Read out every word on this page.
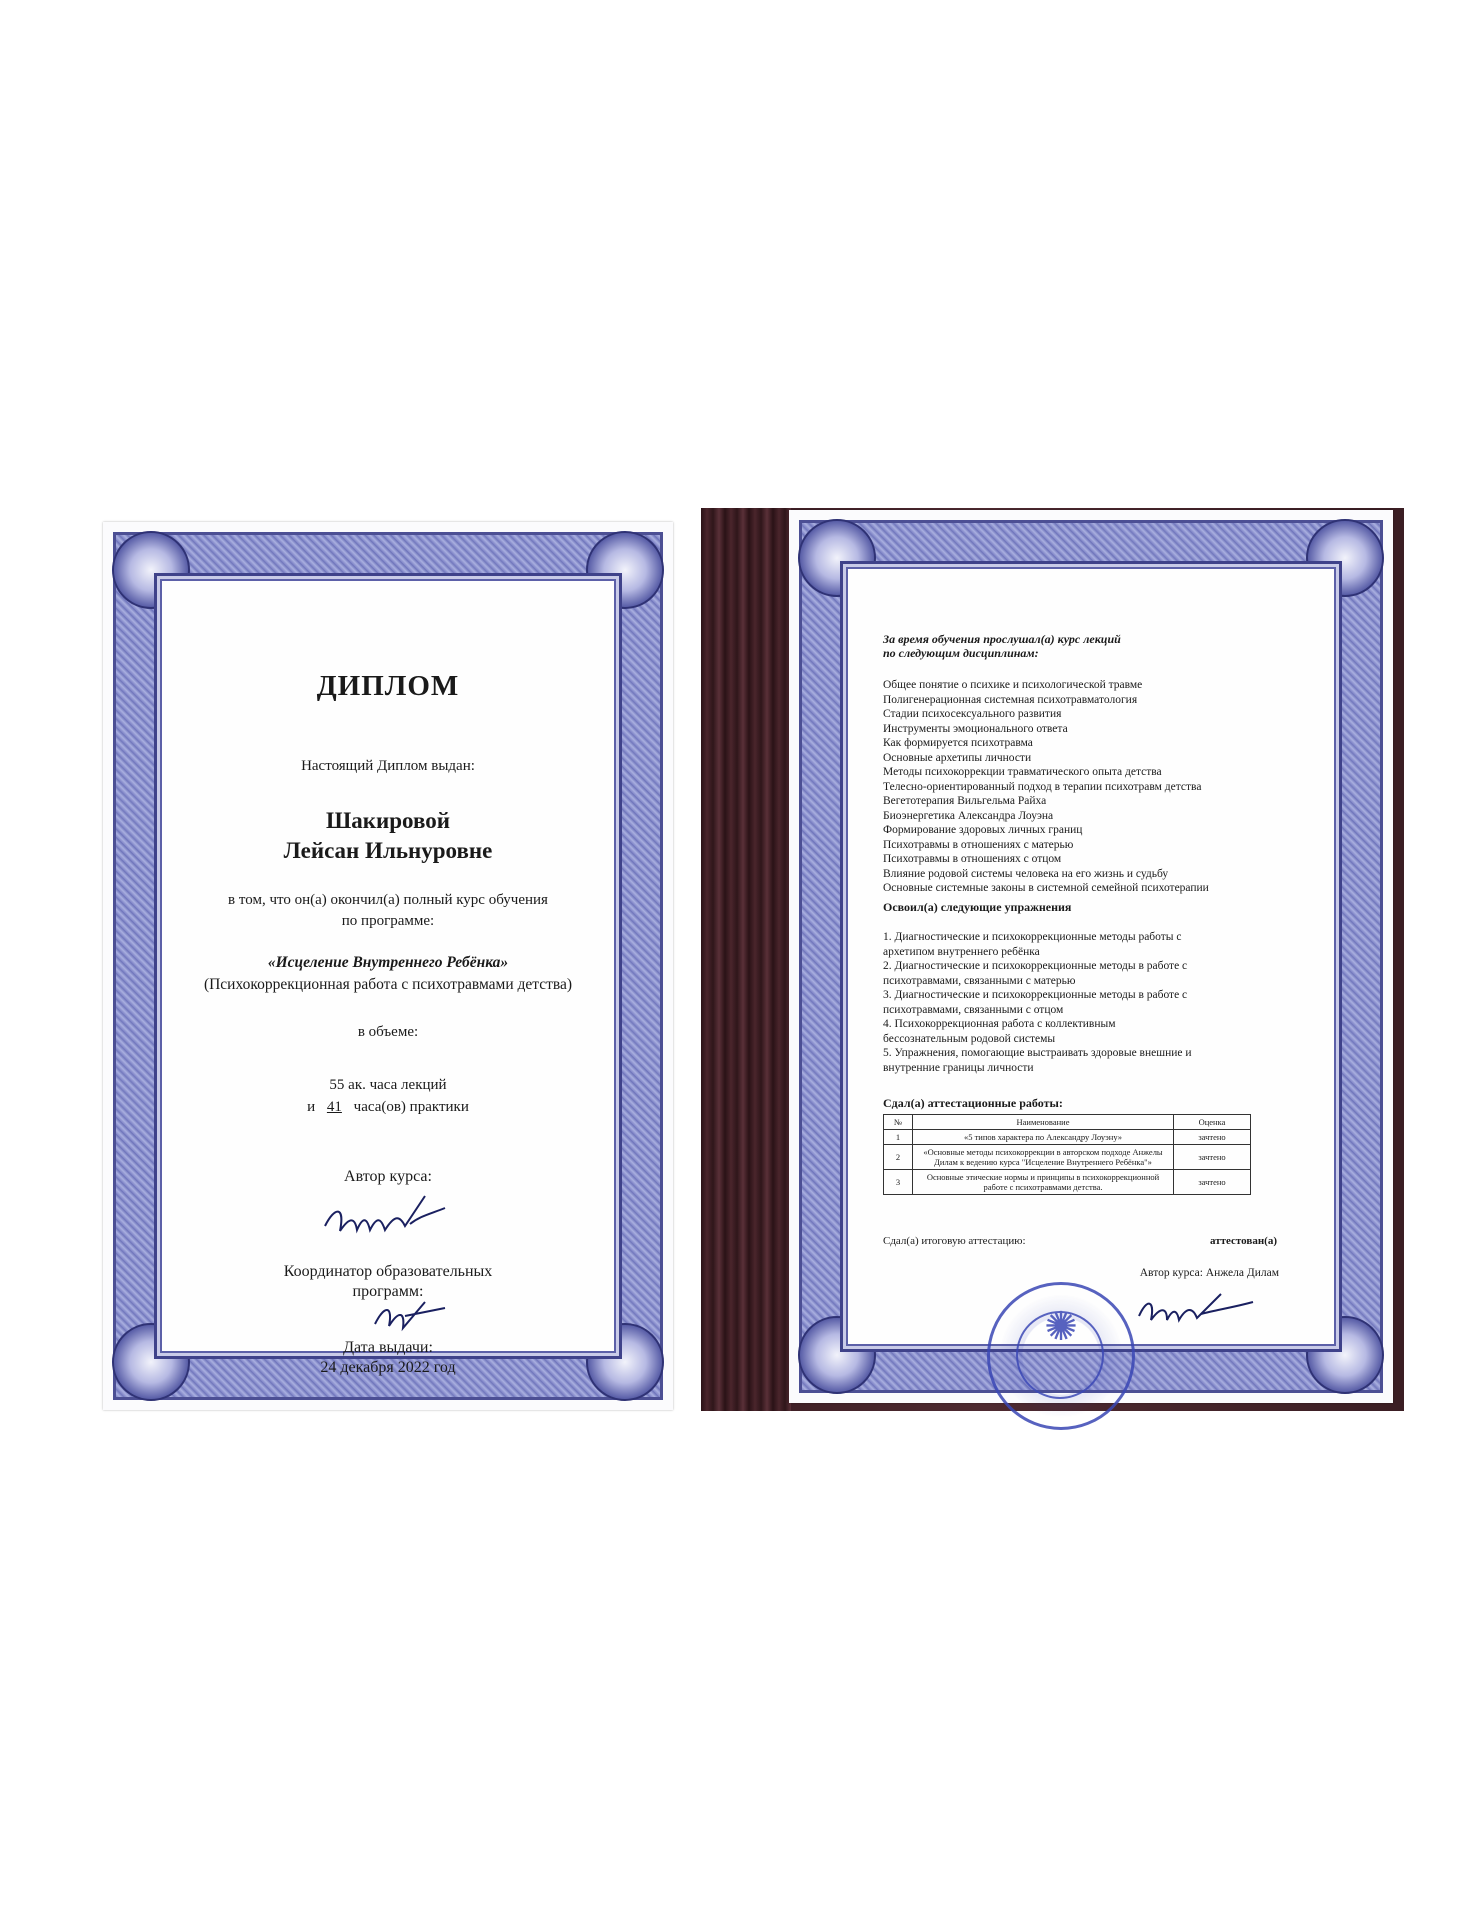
ДИПЛОМ
Настоящий Диплом выдан:
Шакировой
Лейсан Ильнуровне
в том, что он(а) окончил(а) полный курс обучения
по программе:
«Исцеление Внутреннего Ребёнка»
(Психокоррекционная работа с психотравмами детства)
в объеме:
55 ак. часа лекций
и 41 часа(ов) практики
Автор курса:
Координатор образовательных
программ:
Дата выдачи:
24 декабря 2022 год
За время обучения прослушал(а) курс лекций
по следующим дисциплинам:
Общее понятие о психике и психологической травме
Полигенерационная системная психотравматология
Стадии психосексуального развития
Инструменты эмоционального ответа
Как формируется психотравма
Основные архетипы личности
Методы психокоррекции травматического опыта детства
Телесно-ориентированный подход в терапии психотравм детства
Вегетотерапия Вильгельма Райха
Биоэнергетика Александра Лоуэна
Формирование здоровых личных границ
Психотравмы в отношениях с матерью
Психотравмы в отношениях с отцом
Влияние родовой системы человека на его жизнь и судьбу
Основные системные законы в системной семейной психотерапии
Освоил(а) следующие упражнения
1. Диагностические и психокоррекционные методы работы с
архетипом внутреннего ребёнка
2. Диагностические и психокоррекционные методы в работе с
психотравмами, связанными с матерью
3. Диагностические и психокоррекционные методы в работе с
психотравмами, связанными с отцом
4. Психокоррекционная работа с коллективным
бессознательным родовой системы
5. Упражнения, помогающие выстраивать здоровые внешние и
внутренние границы личности
Сдал(а) аттестационные работы:
№	Наименование	Оценка
1	«5 типов характера по Александру Лоуэну»	зачтено
2	«Основные методы психокоррекции в авторском подходе Анжелы Дилам к ведению курса "Исцеление Внутреннего Ребёнка"»	зачтено
3	Основные этические нормы и принципы в психокоррекционной работе с психотравмами детства.	зачтено
Сдал(а) итоговую аттестацию:	аттестован(а)
Автор курса: Анжела Дилам
✺
